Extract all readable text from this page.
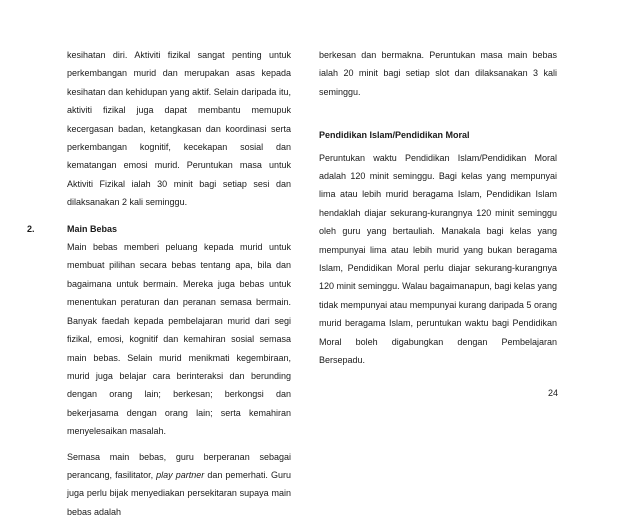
kesihatan diri. Aktiviti fizikal sangat penting untuk perkembangan murid dan merupakan asas kepada kesihatan dan kehidupan yang aktif. Selain daripada itu, aktiviti fizikal juga dapat membantu memupuk kecergasan badan, ketangkasan dan koordinasi serta perkembangan kognitif, kecekapan sosial dan kematangan emosi murid. Peruntukan masa untuk Aktiviti Fizikal ialah 30 minit bagi setiap sesi dan dilaksanakan 2 kali seminggu.

2.	Main Bebas

Main bebas memberi peluang kepada murid untuk membuat pilihan secara bebas tentang apa, bila dan bagaimana untuk bermain. Mereka juga bebas untuk menentukan peraturan dan peranan semasa bermain. Banyak faedah kepada pembelajaran murid dari segi fizikal, emosi, kognitif dan kemahiran sosial semasa main bebas. Selain murid menikmati kegembiraan, murid juga belajar cara berinteraksi dan berunding dengan orang lain; berkesan; berkongsi dan bekerjasama dengan orang lain; serta kemahiran menyelesaikan masalah.

Semasa main bebas, guru berperanan sebagai perancang, fasilitator, play partner dan pemerhati. Guru juga perlu bijak menyediakan persekitaran supaya main bebas adalah

berkesan dan bermakna. Peruntukan masa main bebas ialah 20 minit bagi setiap slot dan dilaksanakan 3 kali seminggu.

Pendidikan Islam/Pendidikan Moral

Peruntukan waktu Pendidikan Islam/Pendidikan Moral adalah 120 minit seminggu. Bagi kelas yang mempunyai lima atau lebih murid beragama Islam, Pendidikan Islam hendaklah diajar sekurang-kurangnya 120 minit seminggu oleh guru yang bertauliah. Manakala bagi kelas yang mempunyai lima atau lebih murid yang bukan beragama Islam, Pendidikan Moral perlu diajar sekurang-kurangnya 120 minit seminggu. Walau bagaimanapun, bagi kelas yang tidak mempunyai atau mempunyai kurang daripada 5 orang murid beragama Islam, peruntukan waktu bagi Pendidikan Moral boleh digabungkan dengan Pembelajaran Bersepadu.

24
